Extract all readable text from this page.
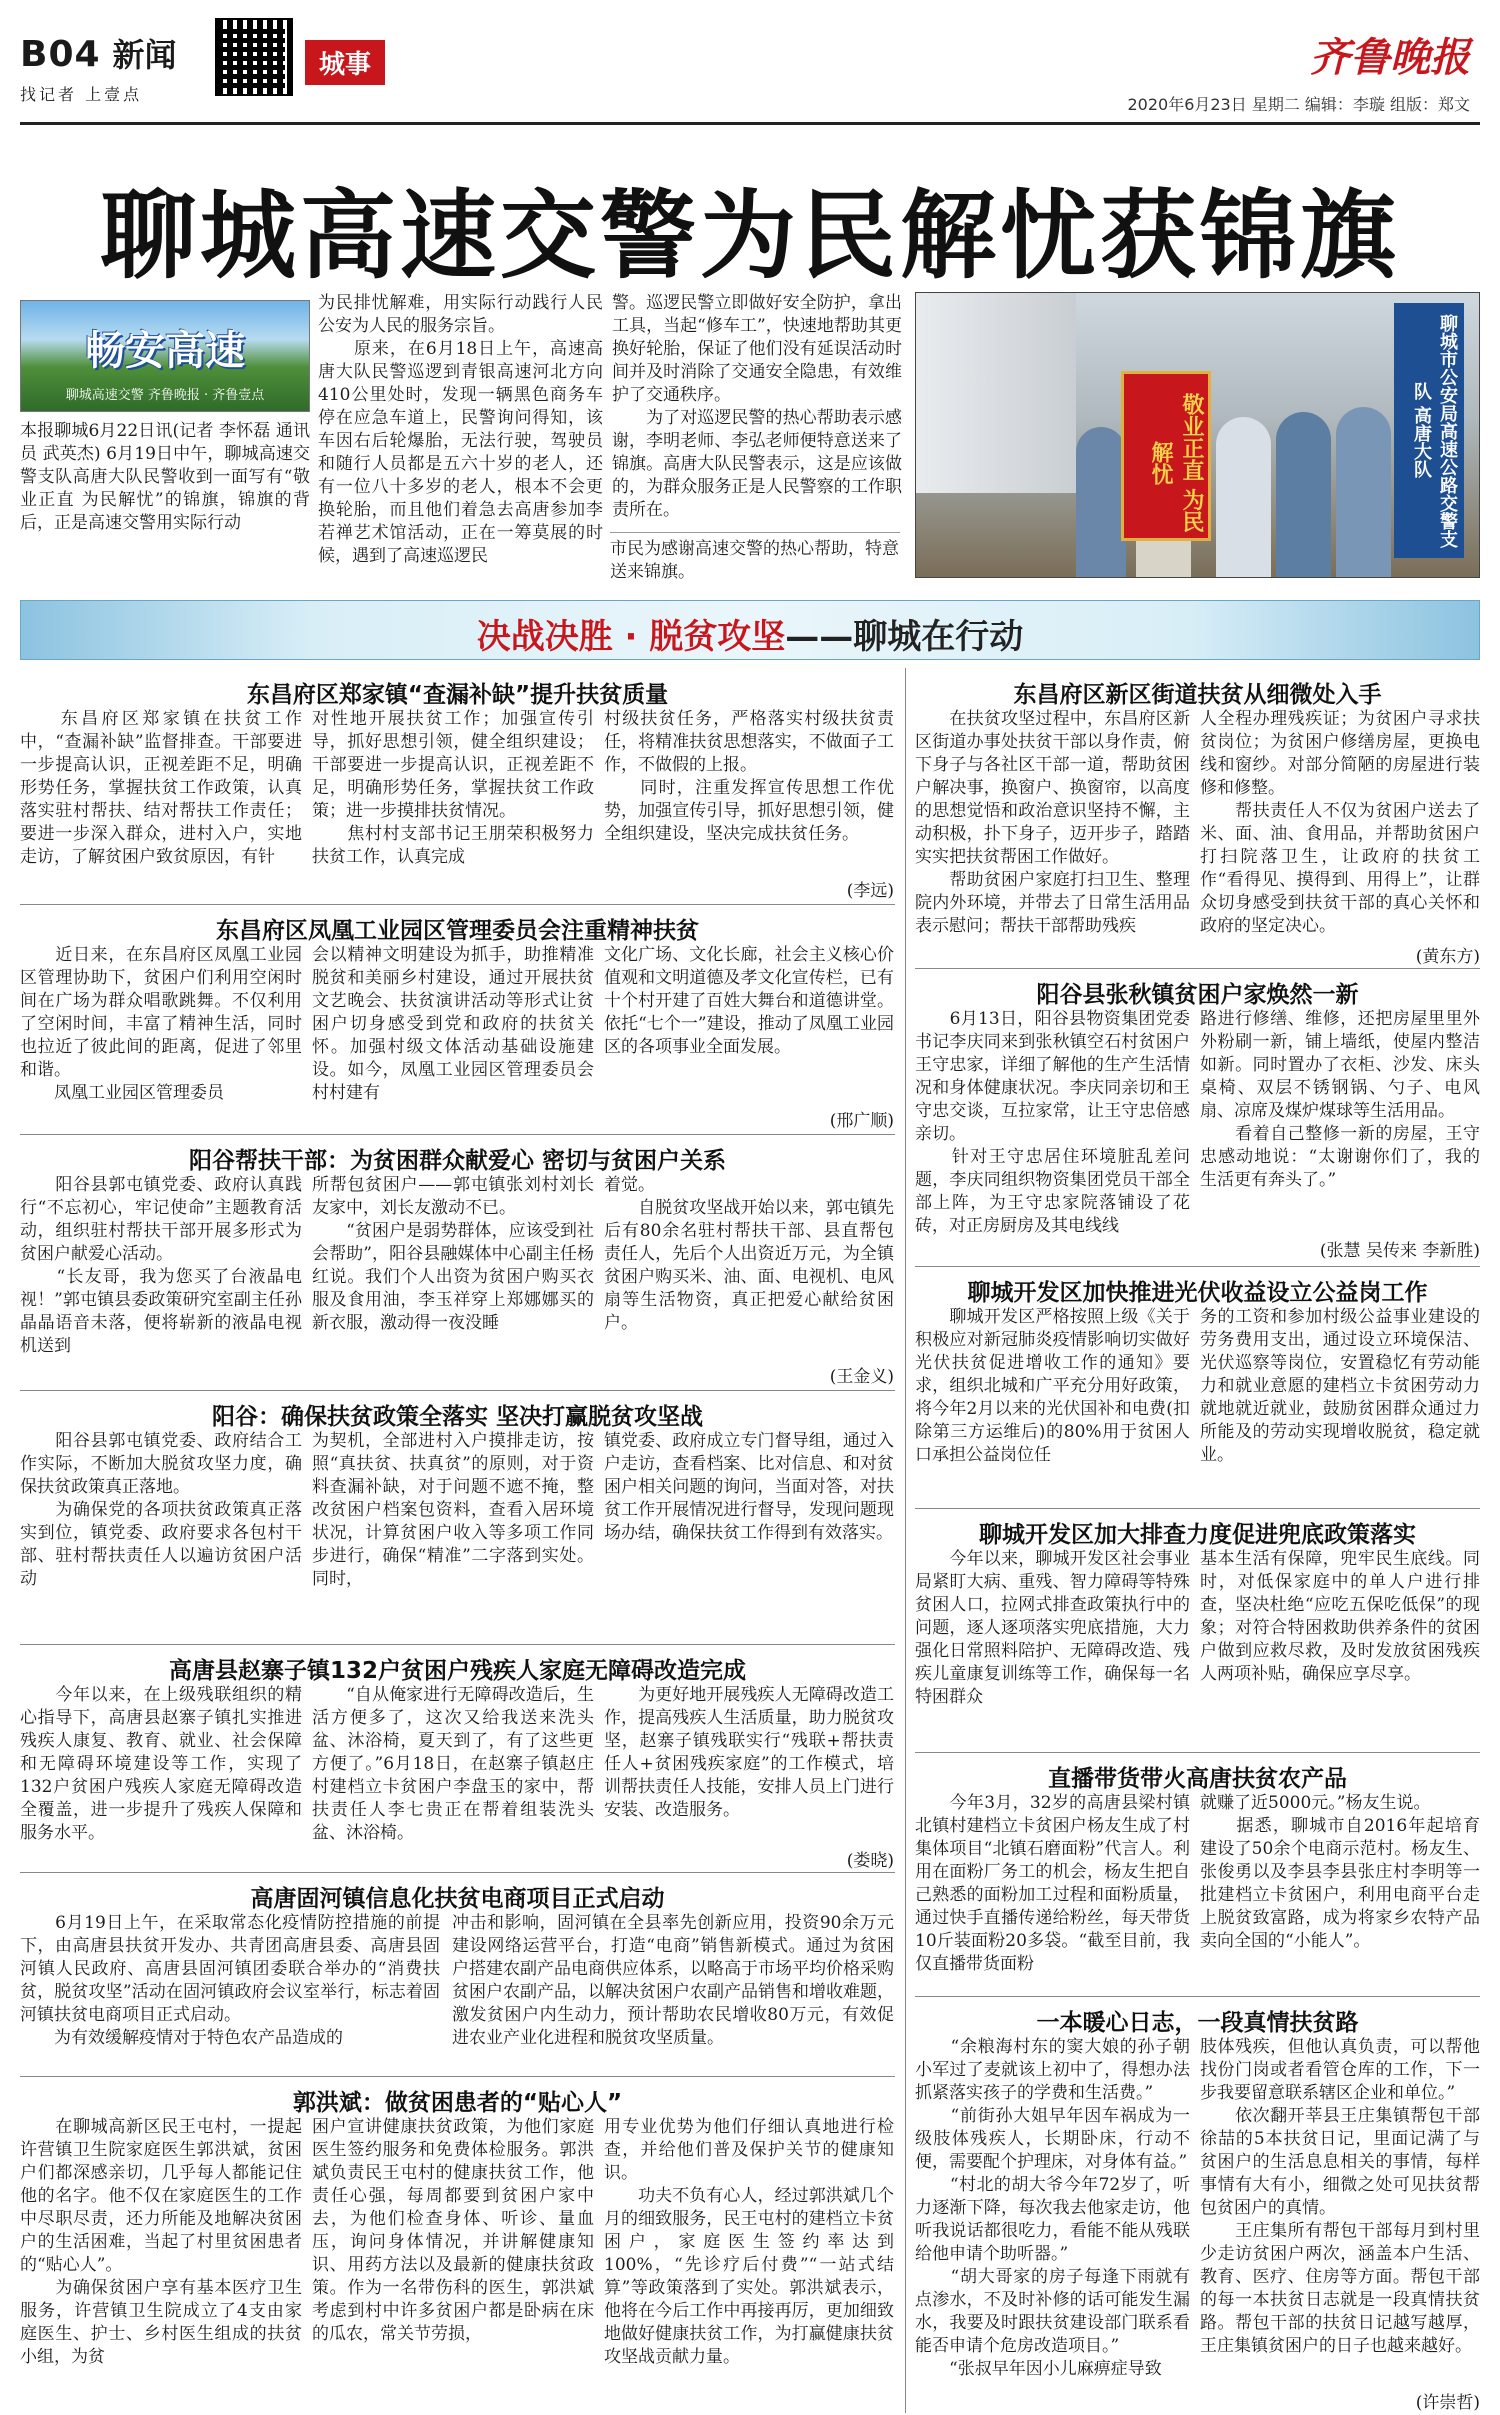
B04 新闻
找记者 上壹点
城事	齐鲁晚报
2020年6月23日 星期二 编辑：李璇 组版：郑文
聊城高速交警为民解忧获锦旗
畅安高速
聊城高速交警 齐鲁晚报 · 齐鲁壹点
本报聊城6月22日讯(记者 李怀磊 通讯员 武英杰) 6月19日中午，聊城高速交警支队高唐大队民警收到一面写有“敬业正直 为民解忧”的锦旗，锦旗的背后，正是高速交警用实际行动
为民排忧解难，用实际行动践行人民公安为人民的服务宗旨。
　　原来，在6月18日上午，高速高唐大队民警巡逻到青银高速河北方向410公里处时，发现一辆黑色商务车停在应急车道上，民警询问得知，该车因右后轮爆胎，无法行驶，驾驶员和随行人员都是五六十岁的老人，还有一位八十多岁的老人，根本不会更换轮胎，而且他们着急去高唐参加李若禅艺术馆活动，正在一筹莫展的时候，遇到了高速巡逻民
警。巡逻民警立即做好安全防护，拿出工具，当起“修车工”，快速地帮助其更换好轮胎，保证了他们没有延误活动时间并及时消除了交通安全隐患，有效维护了交通秩序。
　　为了对巡逻民警的热心帮助表示感谢，李明老师、李弘老师便特意送来了锦旗。高唐大队民警表示，这是应该做的，为群众服务正是人民警察的工作职责所在。	敬业正直 为民解忧	聊城市公安局高速公路交警支队 高唐大队
市民为感谢高速交警的热心帮助，特意送来锦旗。
决战决胜 · 脱贫攻坚——聊城在行动
东昌府区郑家镇“查漏补缺”提升扶贫质量
　　东昌府区郑家镇在扶贫工作中，“查漏补缺”监督排查。干部要进一步提高认识，正视差距不足，明确形势任务，掌握扶贫工作政策，认真落实驻村帮扶、结对帮扶工作责任；要进一步深入群众，进村入户，实地走访，了解贫困户致贫原因，有针
对性地开展扶贫工作；加强宣传引导，抓好思想引领，健全组织建设；干部要进一步提高认识，正视差距不足，明确形势任务，掌握扶贫工作政策；进一步摸排扶贫情况。
　　焦村村支部书记王朋荣积极努力扶贫工作，认真完成
村级扶贫任务，严格落实村级扶贫责任，将精准扶贫思想落实，不做面子工作，不做假的上报。
　　同时，注重发挥宣传思想工作优势，加强宣传引导，抓好思想引领，健全组织建设，坚决完成扶贫任务。
(李远)
东昌府区凤凰工业园区管理委员会注重精神扶贫
　　近日来，在东昌府区凤凰工业园区管理协助下，贫困户们利用空闲时间在广场为群众唱歌跳舞。不仅利用了空闲时间，丰富了精神生活，同时也拉近了彼此间的距离，促进了邻里和谐。
　　凤凰工业园区管理委员
会以精神文明建设为抓手，助推精准脱贫和美丽乡村建设，通过开展扶贫文艺晚会、扶贫演讲活动等形式让贫困户切身感受到党和政府的扶贫关怀。加强村级文体活动基础设施建设。如今，凤凰工业园区管理委员会村村建有
文化广场、文化长廊，社会主义核心价值观和文明道德及孝文化宣传栏，已有十个村开建了百姓大舞台和道德讲堂。依托“七个一”建设，推动了凤凰工业园区的各项事业全面发展。
(邢广顺)
阳谷帮扶干部：为贫困群众献爱心 密切与贫困户关系
　　阳谷县郭屯镇党委、政府认真践行“不忘初心，牢记使命”主题教育活动，组织驻村帮扶干部开展多形式为贫困户献爱心活动。
　　“长友哥，我为您买了台液晶电视！”郭屯镇县委政策研究室副主任孙晶晶语音未落，便将崭新的液晶电视机送到
所帮包贫困户——郭屯镇张刘村刘长友家中，刘长友激动不已。
　　“贫困户是弱势群体，应该受到社会帮助”，阳谷县融媒体中心副主任杨红说。我们个人出资为贫困户购买衣服及食用油，李玉祥穿上郑娜娜买的新衣服，激动得一夜没睡
着觉。
　　自脱贫攻坚战开始以来，郭屯镇先后有80余名驻村帮扶干部、县直帮包责任人，先后个人出资近万元，为全镇贫困户购买米、油、面、电视机、电风扇等生活物资，真正把爱心献给贫困户。
(王金义)
阳谷：确保扶贫政策全落实 坚决打赢脱贫攻坚战
　　阳谷县郭屯镇党委、政府结合工作实际，不断加大脱贫攻坚力度，确保扶贫政策真正落地。
　　为确保党的各项扶贫政策真正落实到位，镇党委、政府要求各包村干部、驻村帮扶责任人以遍访贫困户活动
为契机，全部进村入户摸排走访，按照“真扶贫、扶真贫”的原则，对于资料查漏补缺，对于问题不遮不掩，整改贫困户档案包资料，查看入居环境状况，计算贫困户收入等多项工作同步进行，确保“精准”二字落到实处。同时，
镇党委、政府成立专门督导组，通过入户走访，查看档案、比对信息、和对贫困户相关问题的询问，当面对答，对扶贫工作开展情况进行督导，发现问题现场办结，确保扶贫工作得到有效落实。
高唐县赵寨子镇132户贫困户残疾人家庭无障碍改造完成
　　今年以来，在上级残联组织的精心指导下，高唐县赵寨子镇扎实推进残疾人康复、教育、就业、社会保障和无障碍环境建设等工作，实现了132户贫困户残疾人家庭无障碍改造全覆盖，进一步提升了残疾人保障和服务水平。
　　“自从俺家进行无障碍改造后，生活方便多了，这次又给我送来洗头盆、沐浴椅，夏天到了，有了这些更方便了。”6月18日，在赵寨子镇赵庄村建档立卡贫困户李盘玉的家中，帮扶责任人李七贵正在帮着组装洗头盆、沐浴椅。
　　为更好地开展残疾人无障碍改造工作，提高残疾人生活质量，助力脱贫攻坚，赵寨子镇残联实行“残联+帮扶责任人+贫困残疾家庭”的工作模式，培训帮扶责任人技能，安排人员上门进行安装、改造服务。
(娄晓)
高唐固河镇信息化扶贫电商项目正式启动
　　6月19日上午，在采取常态化疫情防控措施的前提下，由高唐县扶贫开发办、共青团高唐县委、高唐县固河镇人民政府、高唐县固河镇团委联合举办的“消费扶贫，脱贫攻坚”活动在固河镇政府会议室举行，标志着固河镇扶贫电商项目正式启动。
　　为有效缓解疫情对于特色农产品造成的
冲击和影响，固河镇在全县率先创新应用，投资90余万元建设网络运营平台，打造“电商”销售新模式。通过为贫困户搭建农副产品电商供应体系，以略高于市场平均价格采购贫困户农副产品，以解决贫困户农副产品销售和增收难题，激发贫困户内生动力，预计帮助农民增收80万元，有效促进农业产业化进程和脱贫攻坚质量。
郭洪斌：做贫困患者的“贴心人”
　　在聊城高新区民王屯村，一提起许营镇卫生院家庭医生郭洪斌，贫困户们都深感亲切，几乎每人都能记住他的名字。他不仅在家庭医生的工作中尽职尽责，还力所能及地解决贫困户的生活困难，当起了村里贫困患者的“贴心人”。
　　为确保贫困户享有基本医疗卫生服务，许营镇卫生院成立了4支由家庭医生、护士、乡村医生组成的扶贫小组，为贫
困户宣讲健康扶贫政策，为他们家庭医生签约服务和免费体检服务。郭洪斌负责民王屯村的健康扶贫工作，他责任心强，每周都要到贫困户家中去，为他们检查身体、听诊、量血压，询问身体情况，并讲解健康知识、用药方法以及最新的健康扶贫政策。作为一名带伤科的医生，郭洪斌考虑到村中许多贫困户都是卧病在床的瓜农，常关节劳损，
用专业优势为他们仔细认真地进行检查，并给他们普及保护关节的健康知识。
　　功夫不负有心人，经过郭洪斌几个月的细致服务，民王屯村的建档立卡贫困户，家庭医生签约率达到100%，“先诊疗后付费”“一站式结算”等政策落到了实处。郭洪斌表示，他将在今后工作中再接再厉，更加细致地做好健康扶贫工作，为打赢健康扶贫攻坚战贡献力量。
东昌府区新区街道扶贫从细微处入手
　　在扶贫攻坚过程中，东昌府区新区街道办事处扶贫干部以身作责，俯下身子与各社区干部一道，帮助贫困户解决事，换窗户、换窗帘，以高度的思想觉悟和政治意识坚持不懈，主动积极，扑下身子，迈开步子，踏踏实实把扶贫帮困工作做好。
　　帮助贫困户家庭打扫卫生、整理院内外环境，并带去了日常生活用品表示慰问；帮扶干部帮助残疾
人全程办理残疾证；为贫困户寻求扶贫岗位；为贫困户修缮房屋，更换电线和窗纱。对部分简陋的房屋进行装修和修整。
　　帮扶责任人不仅为贫困户送去了米、面、油、食用品，并帮助贫困户打扫院落卫生，让政府的扶贫工作“看得见、摸得到、用得上”，让群众切身感受到扶贫干部的真心关怀和政府的坚定决心。
(黄东方)
阳谷县张秋镇贫困户家焕然一新
　　6月13日，阳谷县物资集团党委书记李庆同来到张秋镇空石村贫困户王守忠家，详细了解他的生产生活情况和身体健康状况。李庆同亲切和王守忠交谈，互拉家常，让王守忠倍感亲切。
　　针对王守忠居住环境脏乱差问题，李庆同组织物资集团党员干部全部上阵，为王守忠家院落铺设了花砖，对正房厨房及其电线线
路进行修缮、维修，还把房屋里里外外粉刷一新，铺上墙纸，使屋内整洁如新。同时置办了衣柜、沙发、床头桌椅、双层不锈钢锅、勺子、电风扇、凉席及煤炉煤球等生活用品。
　　看着自己整修一新的房屋，王守忠感动地说：“太谢谢你们了，我的生活更有奔头了。”
(张慧 吴传来 李新胜)
聊城开发区加快推进光伏收益设立公益岗工作
　　聊城开发区严格按照上级《关于积极应对新冠肺炎疫情影响切实做好光伏扶贫促进增收工作的通知》要求，组织北城和广平充分用好政策，将今年2月以来的光伏国补和电费(扣除第三方运维后)的80%用于贫困人口承担公益岗位任
务的工资和参加村级公益事业建设的劳务费用支出，通过设立环境保洁、光伏巡察等岗位，安置稳忆有劳动能力和就业意愿的建档立卡贫困劳动力就地就近就业，鼓励贫困群众通过力所能及的劳动实现增收脱贫，稳定就业。
聊城开发区加大排查力度促进兜底政策落实
　　今年以来，聊城开发区社会事业局紧盯大病、重残、智力障碍等特殊贫困人口，拉网式排查政策执行中的问题，逐人逐项落实兜底措施，大力强化日常照料陪护、无障碍改造、残疾儿童康复训练等工作，确保每一名特困群众
基本生活有保障，兜牢民生底线。同时，对低保家庭中的单人户进行排查，坚决杜绝“应吃五保吃低保”的现象；对符合特困救助供养条件的贫困户做到应救尽救，及时发放贫困残疾人两项补贴，确保应享尽享。
直播带货带火高唐扶贫农产品
　　今年3月，32岁的高唐县梁村镇北镇村建档立卡贫困户杨友生成了村集体项目“北镇石磨面粉”代言人。利用在面粉厂务工的机会，杨友生把自己熟悉的面粉加工过程和面粉质量，通过快手直播传递给粉丝，每天带货10斤装面粉20多袋。“截至目前，我仅直播带货面粉
就赚了近5000元。”杨友生说。
　　据悉，聊城市自2016年起培育建设了50余个电商示范村。杨友生、张俊勇以及李县李县张庄村李明等一批建档立卡贫困户，利用电商平台走上脱贫致富路，成为将家乡农特产品卖向全国的“小能人”。
一本暖心日志，一段真情扶贫路
　　“余粮海村东的窦大娘的孙子朝小军过了麦就该上初中了，得想办法抓紧落实孩子的学费和生活费。”
　　“前街孙大姐早年因车祸成为一级肢体残疾人，长期卧床，行动不便，需要配个护理床，对身体有益。”
　　“村北的胡大爷今年72岁了，听力逐渐下降，每次我去他家走访，他听我说话都很吃力，看能不能从残联给他申请个助听器。”
　　“胡大哥家的房子每逢下雨就有点渗水，不及时补修的话可能发生漏水，我要及时跟扶贫建设部门联系看能否申请个危房改造项目。”
　　“张叔早年因小儿麻痹症导致
肢体残疾，但他认真负责，可以帮他找份门岗或者看管仓库的工作，下一步我要留意联系辖区企业和单位。”
　　依次翻开莘县王庄集镇帮包干部徐喆的5本扶贫日记，里面记满了与贫困户的生活息息相关的事情，每样事情有大有小，细微之处可见扶贫帮包贫困户的真情。
　　王庄集所有帮包干部每月到村里少走访贫困户两次，涵盖本户生活、教育、医疗、住房等方面。帮包干部的每一本扶贫日志就是一段真情扶贫路。帮包干部的扶贫日记越写越厚，王庄集镇贫困户的日子也越来越好。
(许崇哲)
